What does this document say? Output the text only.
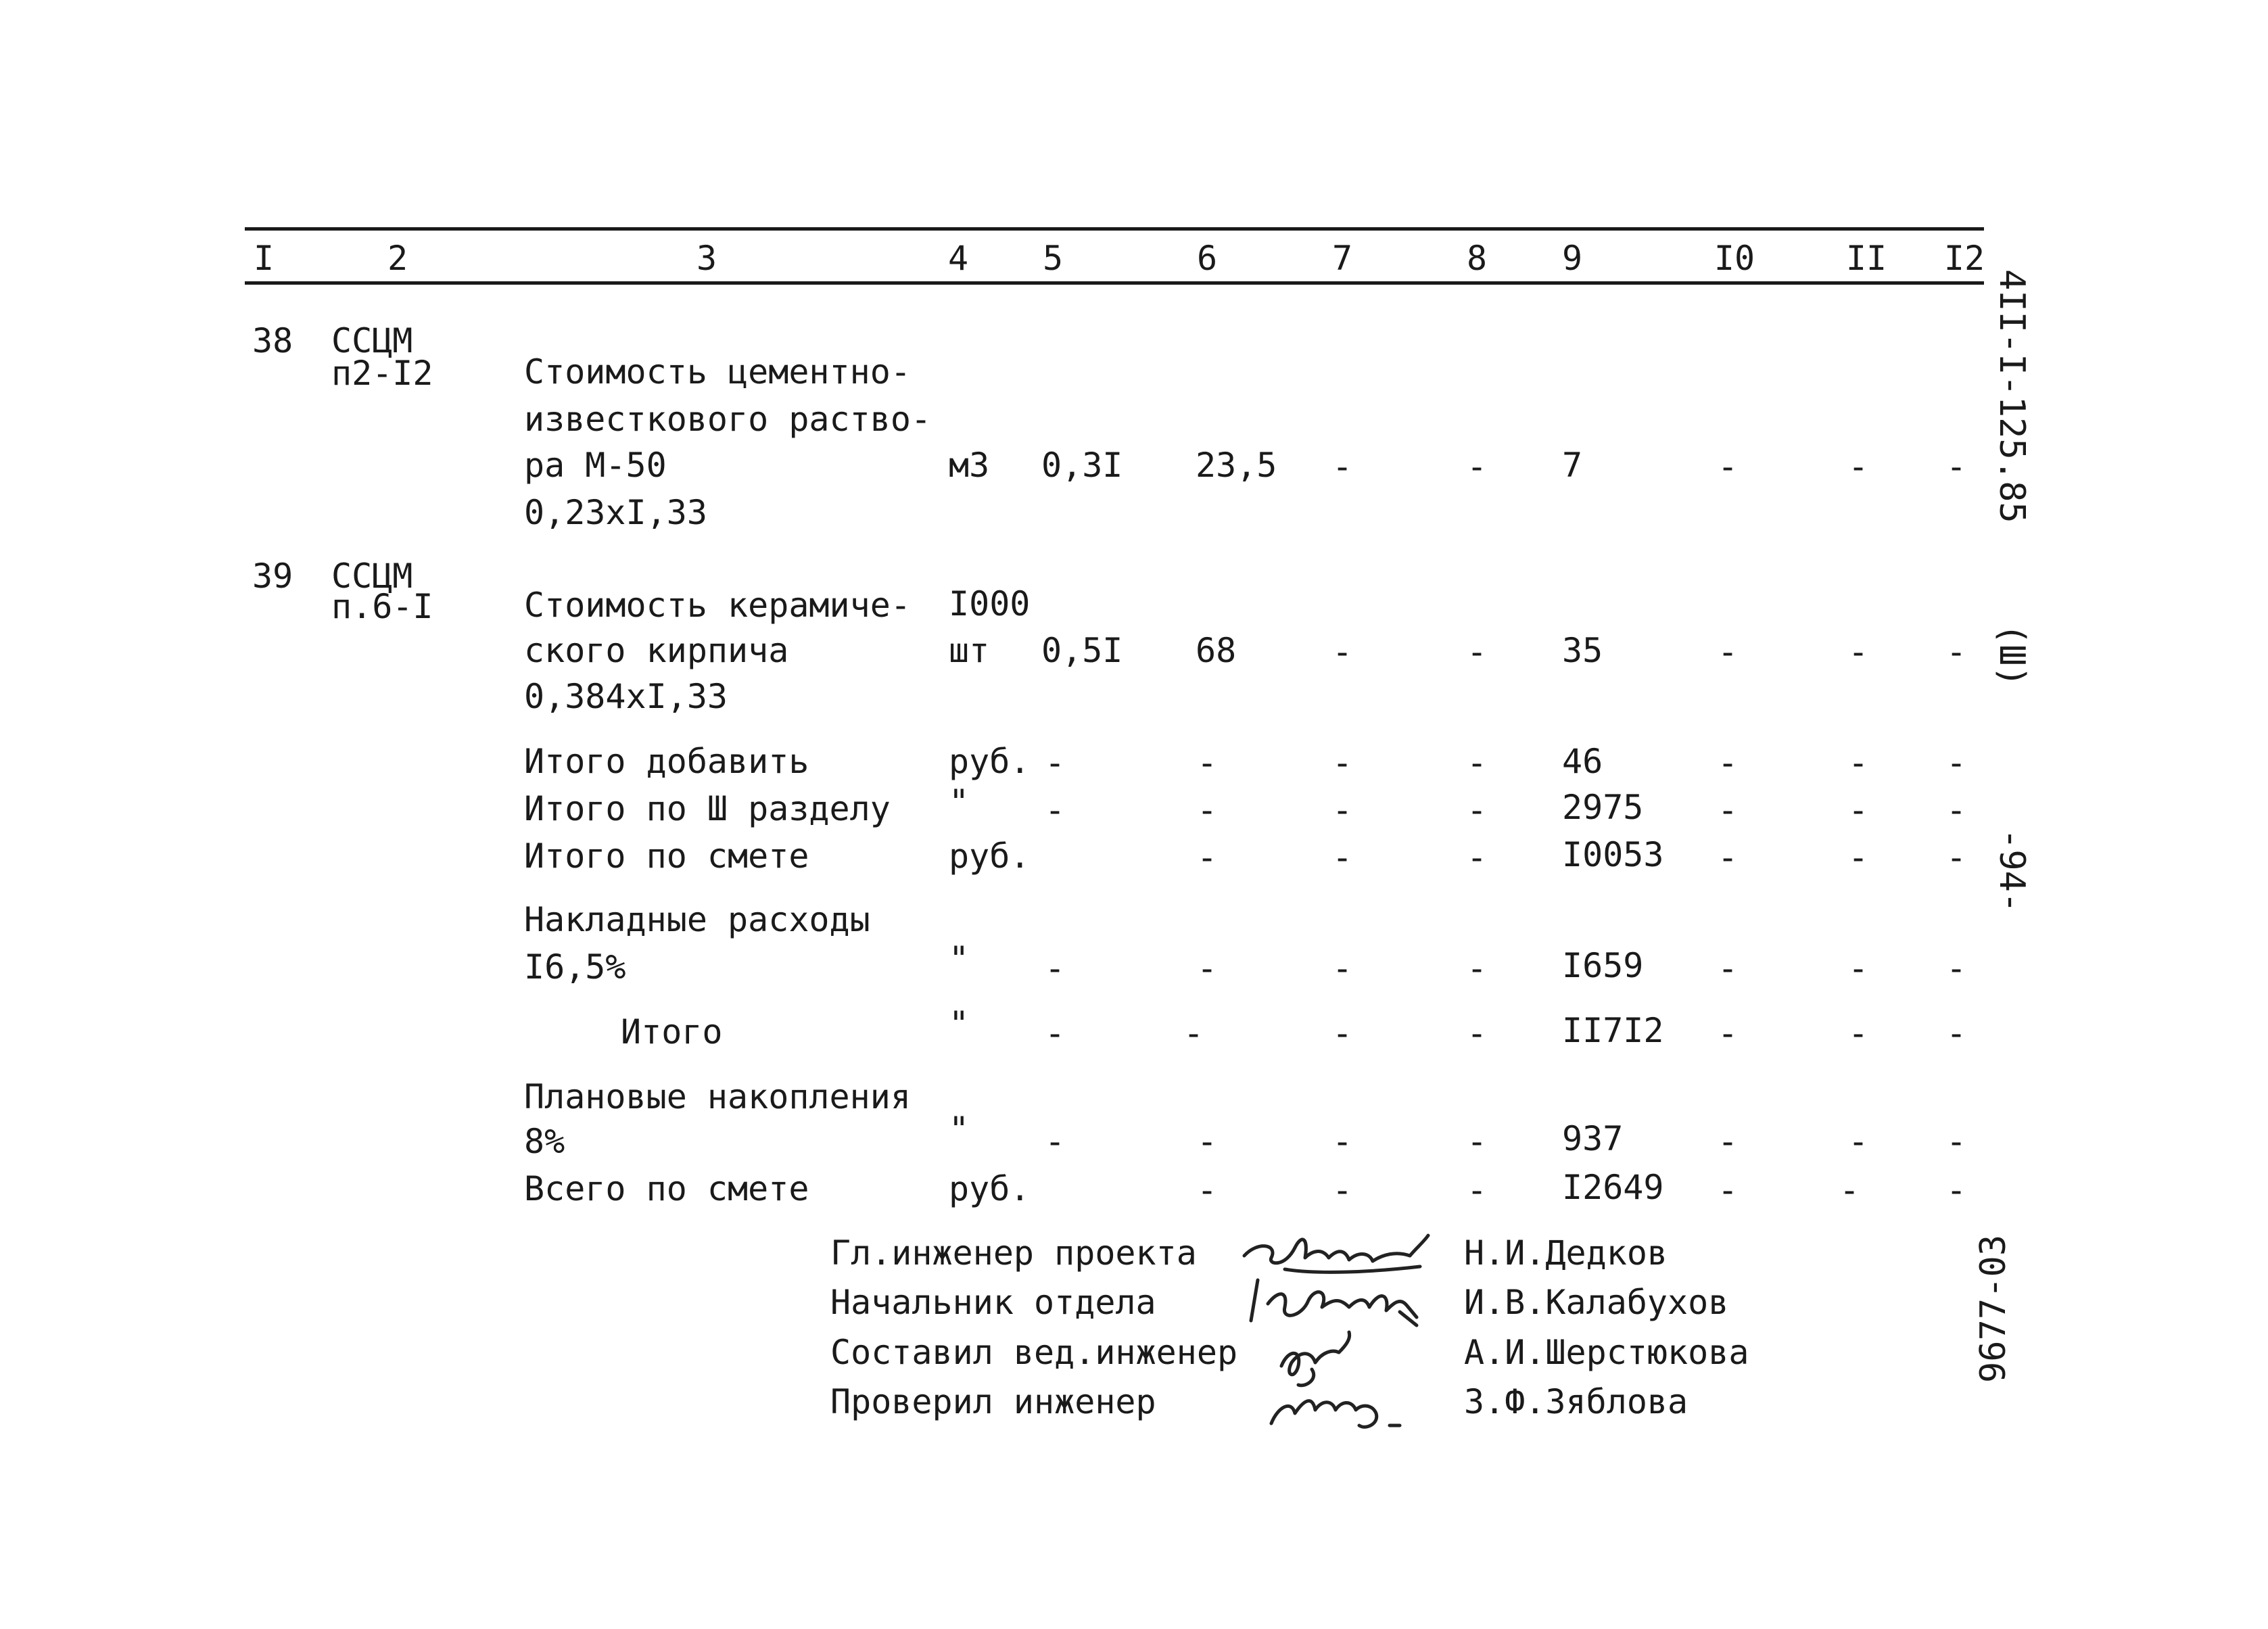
I	2	3	4 5	6	7	8 9	I0	II I2
38 ССЦМ
п2-I2	Стоимость цементно-
известкового раство-
ра М-50
0,23хI,33
м3 0,3I 23,5 -	- 7	-	- -
39 ССЦМ
п.6-I	Стоимость керамиче-
ского кирпича
0,384хI,33
I000
шт 0,5I 68	-	- 35	-	- -
Итого добавить	руб. -	-	-	- 46	-	- -
Итого по Ш разделу " -	-	-	- 2975 -	- -
Итого по смете	руб.	-	-	- I0053 -	- -
Накладные расходы
I6,5%	" -	-	-	- I659 -	- -
Итого	" -	-	-	- II7I2 -	- -
Плановые накопления
8%	" -	-	-	- 937	-	- -
Всего по смете	руб.	-	-	- I2649 -	-	-
Гл.инженер проекта	Н.И.Дедков
Начальник отдела	И.В.Калабухов
Составил вед.инженер	А.И.Шерстюкова
Проверил инженер	З.Ф.Зяблова
4II-I-125.85
(Ш)
-94-
9677-03
